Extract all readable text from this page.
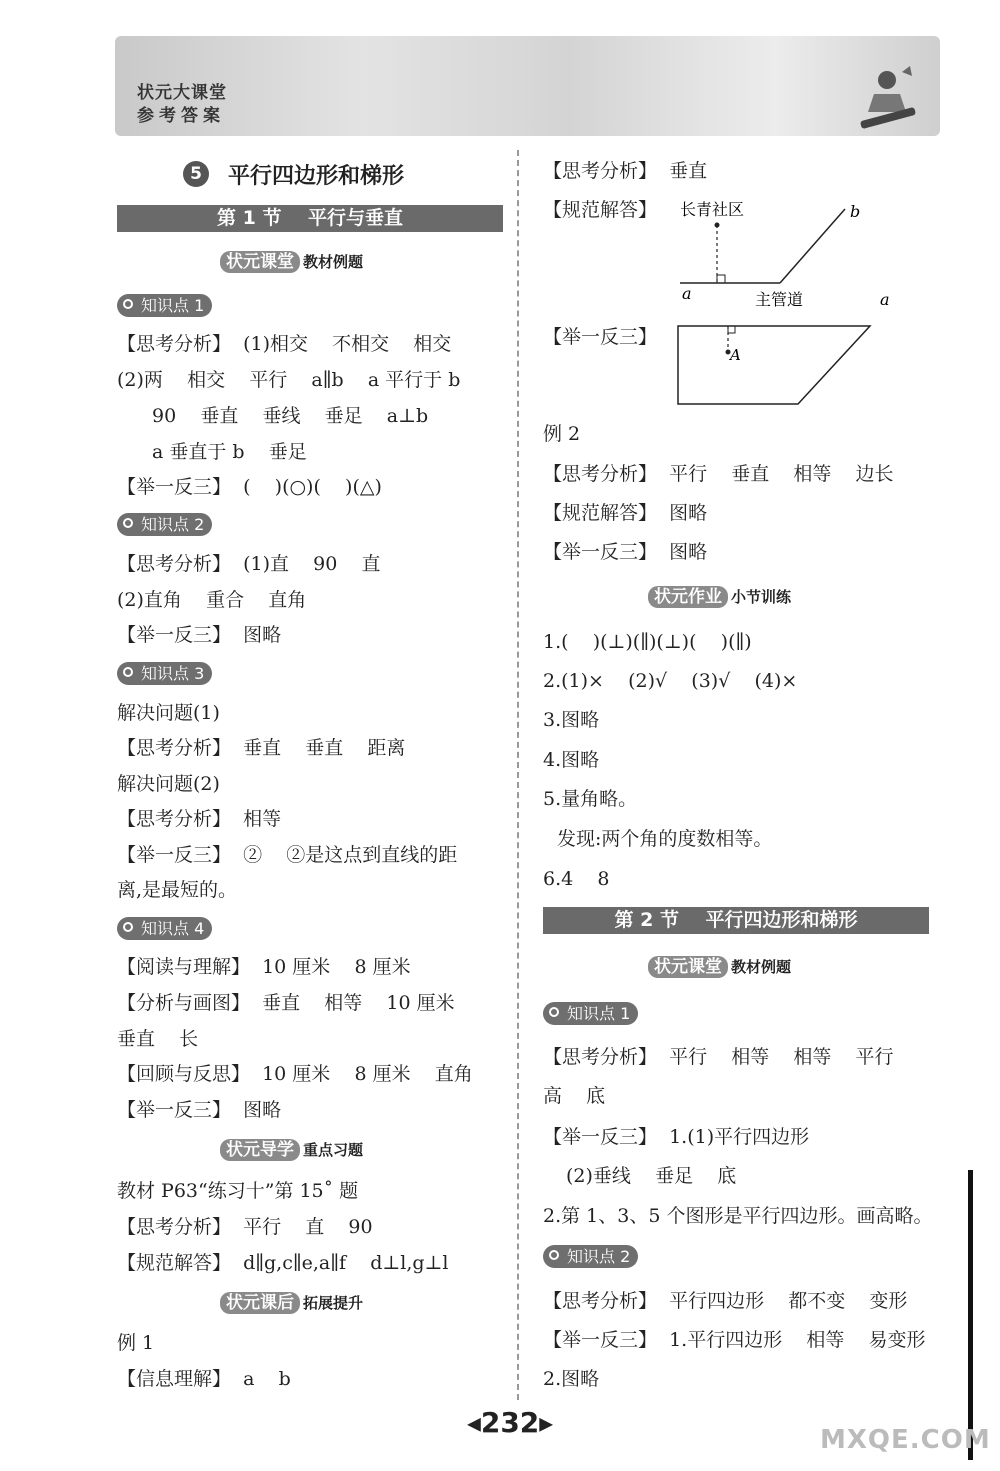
状元大课堂
参考答案
5	平行四边形和梯形
第 1 节    平行与垂直
状元课堂 教材例题
知识点 1
【思考分析】  (1)相交    不相交    相交
(2)两    相交    平行    a∥b    a 平行于 b
90    垂直    垂线    垂足    a⊥b
a 垂直于 b    垂足
【举一反三】  (    )(○)(    )(△)
知识点 2
【思考分析】  (1)直    90    直
(2)直角    重合    直角
【举一反三】  图略
知识点 3
解决问题(1)
【思考分析】  垂直    垂直    距离
解决问题(2)
【思考分析】  相等
【举一反三】  ②    ②是这点到直线的距
离,是最短的。
知识点 4
【阅读与理解】  10 厘米    8 厘米
【分析与画图】  垂直    相等    10 厘米
垂直    长
【回顾与反思】  10 厘米    8 厘米    直角
【举一反三】  图略
状元导学 重点习题
教材 P63“练习十”第 15˚ 题
【思考分析】  平行    直    90
【规范解答】  d∥g,c∥e,a∥f    d⊥l,g⊥l
状元课后 拓展提升
例 1
【信息理解】  a    b
【思考分析】  垂直
【规范解答】 长青社区	b
a	主管道	a
【举一反三】
A
例 2
【思考分析】  平行    垂直    相等    边长
【规范解答】  图略
【举一反三】  图略
状元作业 小节训练
1.(    )(⊥)(∥)(⊥)(    )(∥)
2.(1)×    (2)√    (3)√    (4)×
3.图略
4.图略
5.量角略。
发现:两个角的度数相等。
6.4    8
第 2 节    平行四边形和梯形
状元课堂 教材例题
知识点 1
【思考分析】  平行    相等    相等    平行
高    底
【举一反三】  1.(1)平行四边形
(2)垂线    垂足    底
2.第 1、3、5 个图形是平行四边形。画高略。
知识点 2
【思考分析】  平行四边形    都不变    变形
【举一反三】  1.平行四边形    相等    易变形
2.图略
◀232▶
MXQE.COM
